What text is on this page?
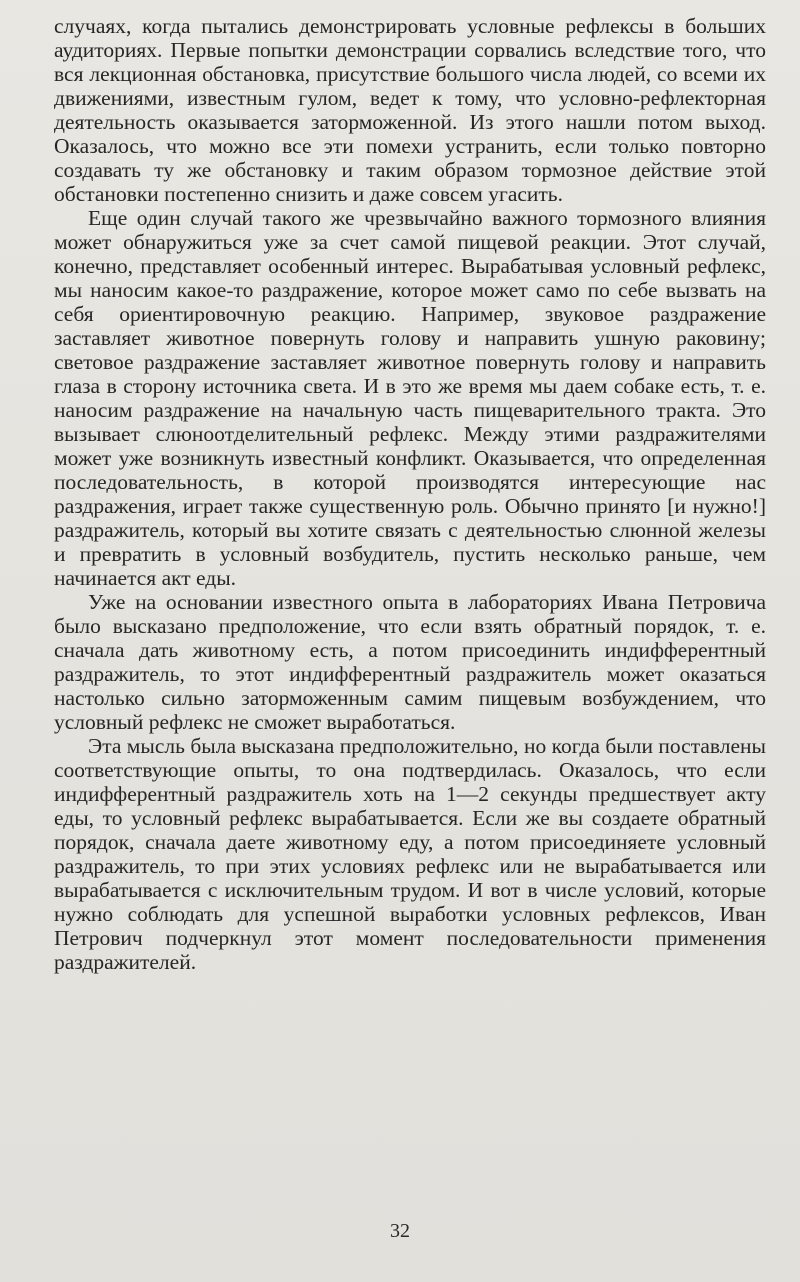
случаях, когда пытались демонстрировать условные рефлексы в больших аудиториях. Первые попытки демонстрации сорвались вследствие того, что вся лекционная обстановка, присутствие большого числа людей, со всеми их движениями, известным гулом, ведет к тому, что условно-рефлекторная деятельность оказывается заторможенной. Из этого нашли потом выход. Оказалось, что можно все эти помехи устранить, если только повторно создавать ту же обстановку и таким образом тормозное действие этой обстановки постепенно снизить и даже совсем угасить.

Еще один случай такого же чрезвычайно важного тормозного влияния может обнаружиться уже за счет самой пищевой реакции. Этот случай, конечно, представляет особенный интерес. Вырабатывая условный рефлекс, мы наносим какое-то раздражение, которое может само по себе вызвать на себя ориентировочную реакцию. Например, звуковое раздражение заставляет животное повернуть голову и направить ушную раковину; световое раздражение заставляет животное повернуть голову и направить глаза в сторону источника света. И в это же время мы даем собаке есть, т. е. наносим раздражение на начальную часть пищеварительного тракта. Это вызывает слюноотделительный рефлекс. Между этими раздражителями может уже возникнуть известный конфликт. Оказывается, что определенная последовательность, в которой производятся интересующие нас раздражения, играет также существенную роль. Обычно принято [и нужно!] раздражитель, который вы хотите связать с деятельностью слюнной железы и превратить в условный возбудитель, пустить несколько раньше, чем начинается акт еды.

Уже на основании известного опыта в лабораториях Ивана Петровича было высказано предположение, что если взять обратный порядок, т. е. сначала дать животному есть, а потом присоединить индифферентный раздражитель, то этот индифферентный раздражитель может оказаться настолько сильно заторможенным самим пищевым возбуждением, что условный рефлекс не сможет выработаться.

Эта мысль была высказана предположительно, но когда были поставлены соответствующие опыты, то она подтвердилась. Оказалось, что если индифферентный раздражитель хоть на 1—2 секунды предшествует акту еды, то условный рефлекс вырабатывается. Если же вы создаете обратный порядок, сначала даете животному еду, а потом присоединяете условный раздражитель, то при этих условиях рефлекс или не вырабатывается или вырабатывается с исключительным трудом. И вот в числе условий, которые нужно соблюдать для успешной выработки условных рефлексов, Иван Петрович подчеркнул этот момент последовательности применения раздражителей.

32
